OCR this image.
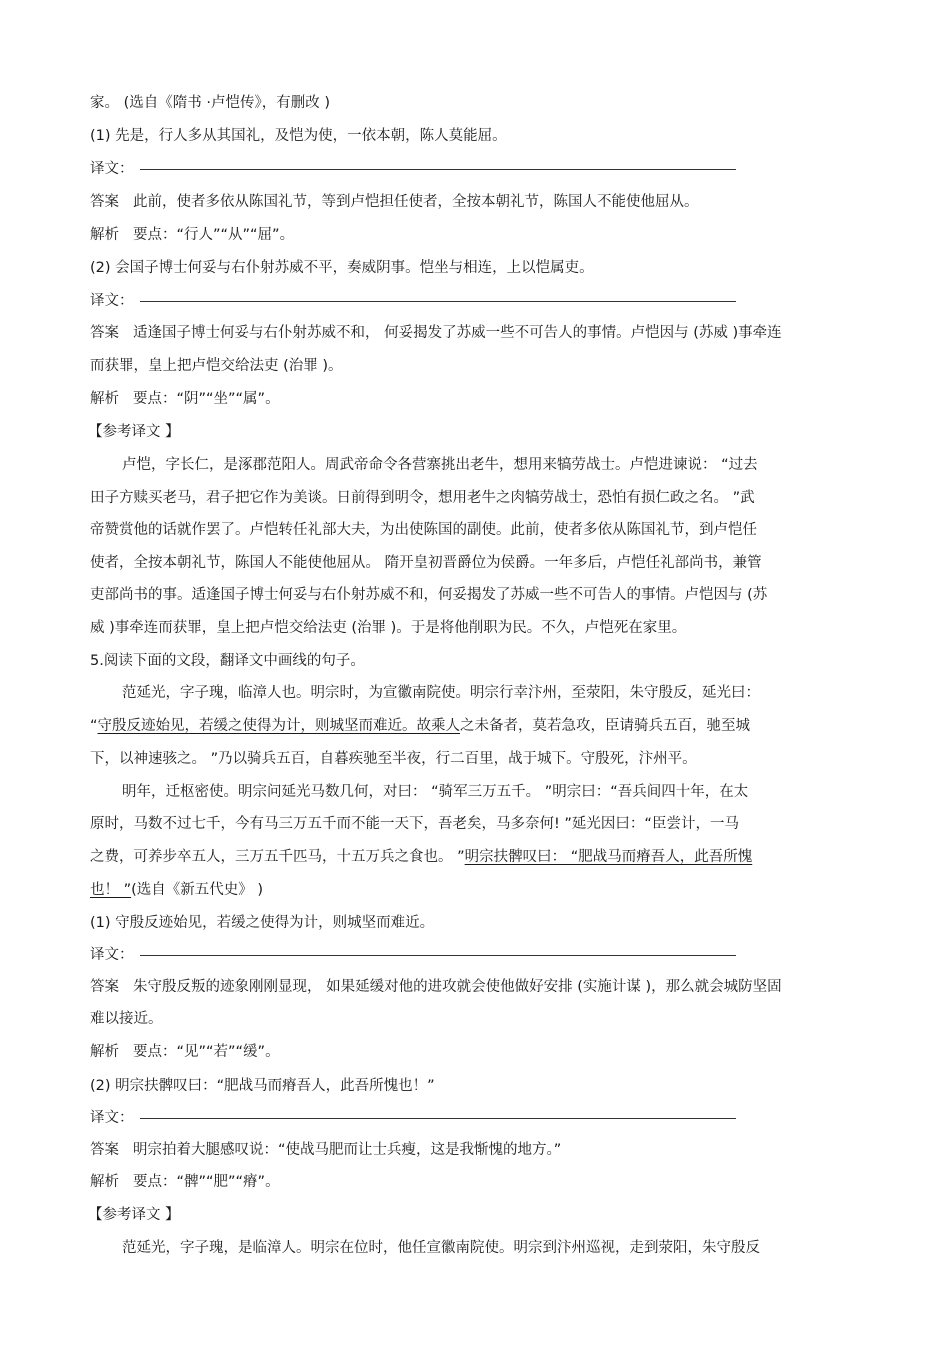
家。 (选自《隋书 ·卢恺传》，有删改 )
(1) 先是，行人多从其国礼，及恺为使，一依本朝，陈人莫能屈。
译文：
答案 此前，使者多依从陈国礼节，等到卢恺担任使者，全按本朝礼节，陈国人不能使他屈从。
解析 要点：“行人”“从”“屈”。
(2) 会国子博士何妥与右仆射苏威不平，奏威阴事。恺坐与相连，上以恺属吏。
译文：
答案 适逢国子博士何妥与右仆射苏威不和， 何妥揭发了苏威一些不可告人的事情。卢恺因与 (苏威 )事牵连
而获罪，皇上把卢恺交给法吏 (治罪 )。
解析 要点：“阴”“坐”“属”。
【参考译文 】
卢恺，字长仁，是涿郡范阳人。周武帝命令各营寨挑出老牛，想用来犒劳战士。卢恺进谏说： “过去
田子方赎买老马，君子把它作为美谈。日前得到明令，想用老牛之肉犒劳战士，恐怕有损仁政之名。 ”武
帝赞赏他的话就作罢了。卢恺转任礼部大夫，为出使陈国的副使。此前，使者多依从陈国礼节，到卢恺任
使者，全按本朝礼节，陈国人不能使他屈从。 隋开皇初晋爵位为侯爵。一年多后，卢恺任礼部尚书，兼管
吏部尚书的事。适逢国子博士何妥与右仆射苏威不和，何妥揭发了苏威一些不可告人的事情。卢恺因与 (苏
威 )事牵连而获罪，皇上把卢恺交给法吏 (治罪 )。于是将他削职为民。不久，卢恺死在家里。
5.阅读下面的文段，翻译文中画线的句子。
范延光，字子瑰，临漳人也。明宗时，为宣徽南院使。明宗行幸汴州，至荥阳，朱守殷反，延光曰：
“守殷反迹始见，若缓之使得为计，则城坚而难近。故乘人之未备者，莫若急攻，臣请骑兵五百，驰至城
下，以神速骇之。 ”乃以骑兵五百，自暮疾驰至半夜，行二百里，战于城下。守殷死，汴州平。
明年，迁枢密使。明宗问延光马数几何，对曰： “骑军三万五千。 ”明宗曰：“吾兵间四十年，在太
原时，马数不过七千，今有马三万五千而不能一天下，吾老矣，马多奈何! ”延光因曰：“臣尝计，一马
之费，可养步卒五人，三万五千匹马，十五万兵之食也。 ”明宗扶髀叹曰： “肥战马而瘠吾人，此吾所愧
也！ ”(选自《新五代史》 )
(1) 守殷反迹始见，若缓之使得为计，则城坚而难近。
译文：
答案 朱守殷反叛的迹象刚刚显现， 如果延缓对他的进攻就会使他做好安排 (实施计谋 )，那么就会城防坚固
难以接近。
解析 要点：“见”“若”“缓”。
(2) 明宗扶髀叹曰：“肥战马而瘠吾人，此吾所愧也！”
译文：
答案 明宗拍着大腿感叹说：“使战马肥而让士兵瘦，这是我惭愧的地方。”
解析 要点：“髀”“肥”“瘠”。
【参考译文 】
范延光，字子瑰，是临漳人。明宗在位时，他任宣徽南院使。明宗到汴州巡视，走到荥阳，朱守殷反
